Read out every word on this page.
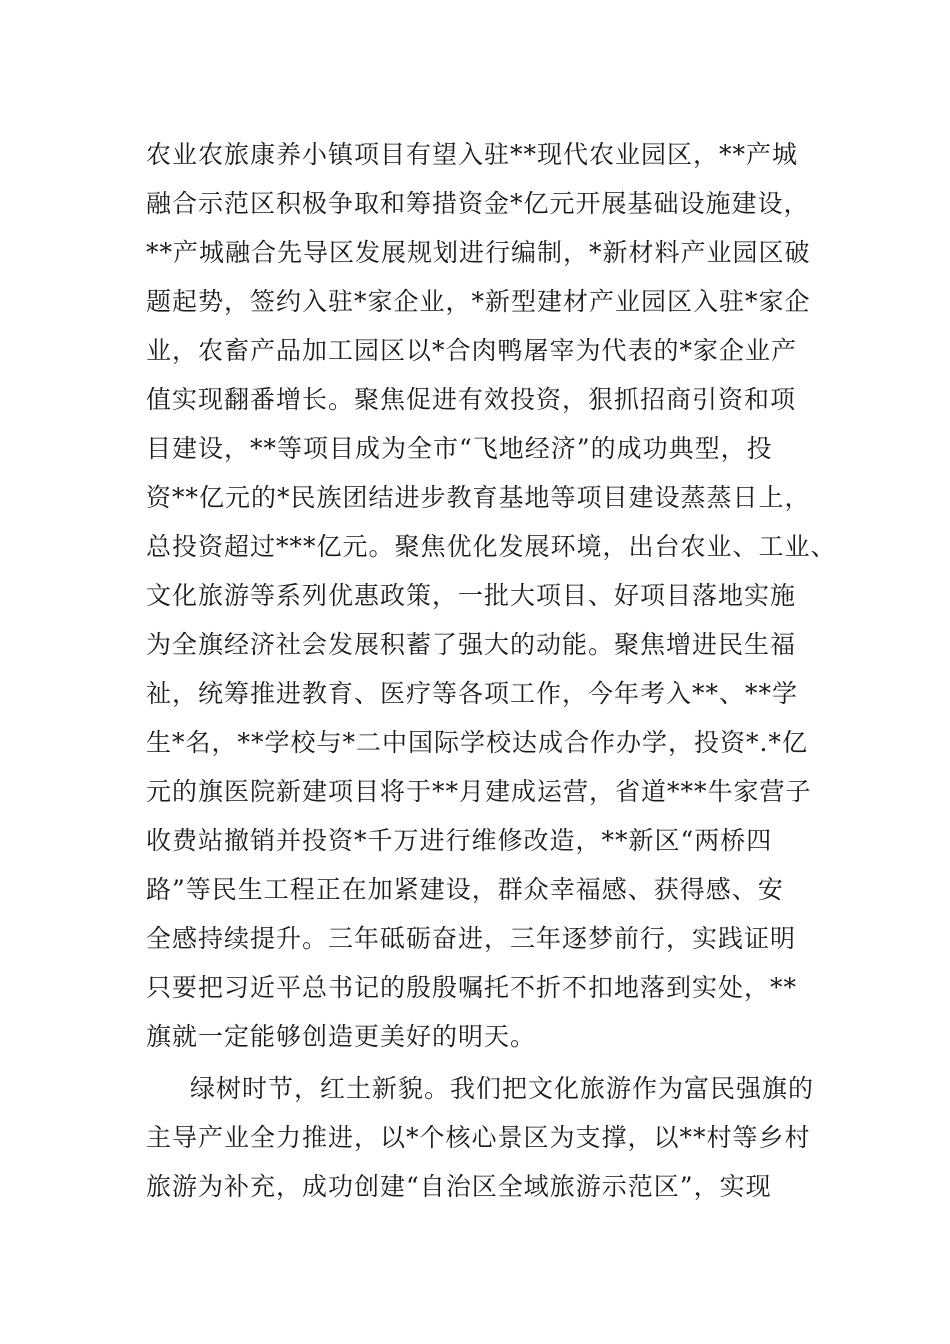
农业农旅康养小镇项目有望入驻**现代农业园区，**产城
融合示范区积极争取和筹措资金*亿元开展基础设施建设，
**产城融合先导区发展规划进行编制，*新材料产业园区破
题起势，签约入驻*家企业，*新型建材产业园区入驻*家企
业，农畜产品加工园区以*合肉鸭屠宰为代表的*家企业产
值实现翻番增长。聚焦促进有效投资，狠抓招商引资和项
目建设，**等项目成为全市“飞地经济”的成功典型，投
资**亿元的*民族团结进步教育基地等项目建设蒸蒸日上，
总投资超过***亿元。聚焦优化发展环境，出台农业、工业、
文化旅游等系列优惠政策，一批大项目、好项目落地实施
为全旗经济社会发展积蓄了强大的动能。聚焦增进民生福
祉，统筹推进教育、医疗等各项工作，今年考入**、**学
生*名，**学校与*二中国际学校达成合作办学，投资*.*亿
元的旗医院新建项目将于**月建成运营，省道***牛家营子
收费站撤销并投资*千万进行维修改造，**新区“两桥四
路”等民生工程正在加紧建设，群众幸福感、获得感、安
全感持续提升。三年砥砺奋进，三年逐梦前行，实践证明
只要把习近平总书记的殷殷嘱托不折不扣地落到实处，**
旗就一定能够创造更美好的明天。
绿树时节，红土新貌。我们把文化旅游作为富民强旗的
主导产业全力推进，以*个核心景区为支撑，以**村等乡村
旅游为补充，成功创建“自治区全域旅游示范区”，实现
